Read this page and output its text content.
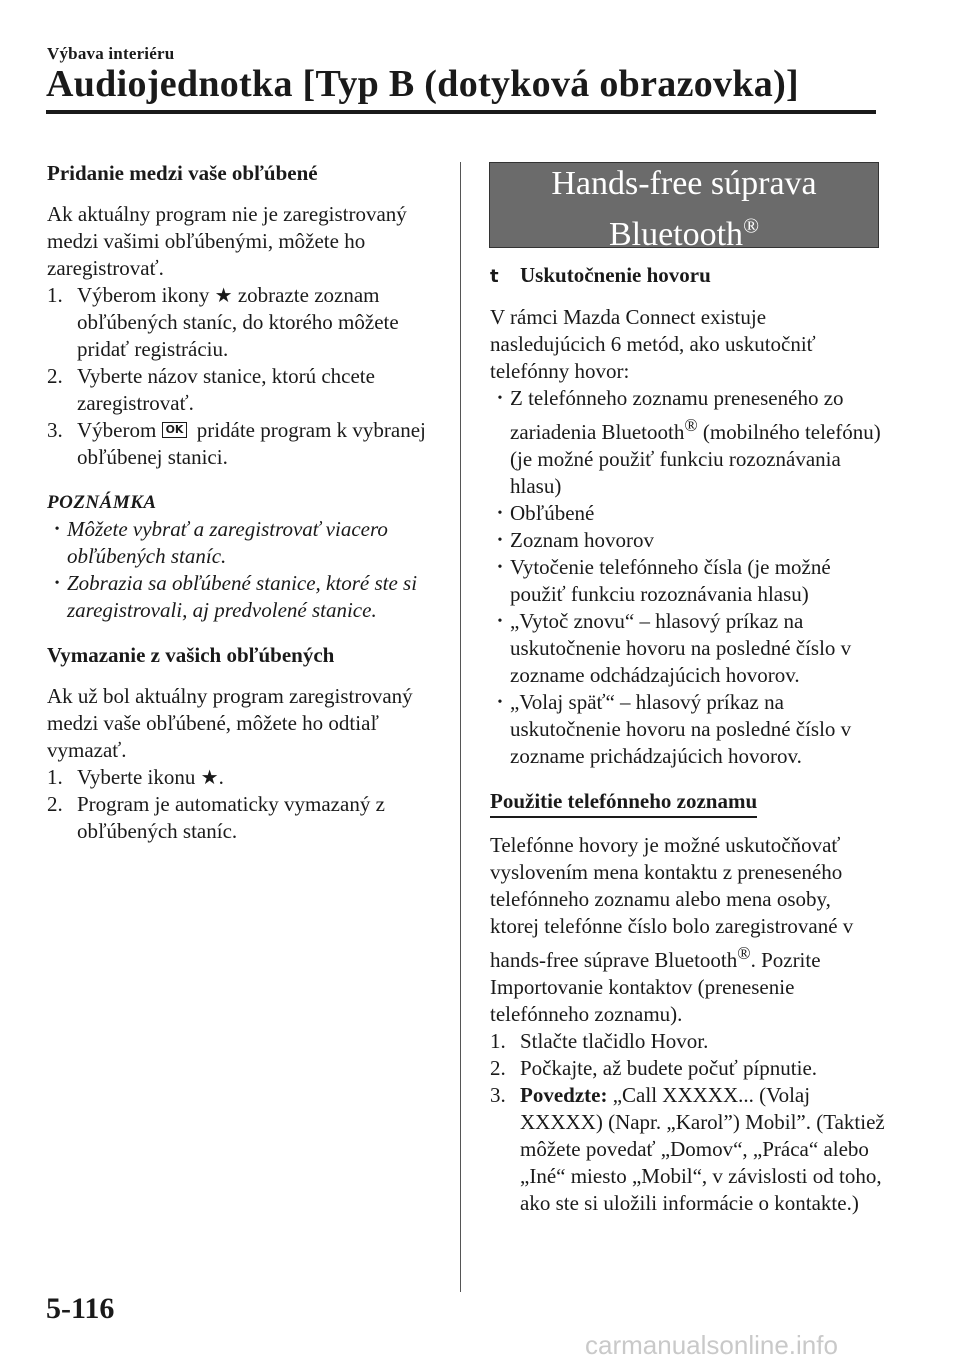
Výbava interiéru
Audiojednotka [Typ B (dotyková obrazovka)]

Pridanie medzi vaše obľúbené

Ak aktuálny program nie je zaregistrovaný medzi vašimi obľúbenými, môžete ho zaregistrovať.

1. Výberom ikony ★ zobrazte zoznam obľúbených staníc, do ktorého môžete pridať registráciu.
2. Vyberte názov stanice, ktorú chcete zaregistrovať.
3. Výberom OK pridáte program k vybranej obľúbenej stanici.

POZNÁMKA

• Môžete vybrať a zaregistrovať viacero obľúbených staníc.
• Zobrazia sa obľúbené stanice, ktoré ste si zaregistrovali, aj predvolené stanice.

Vymazanie z vašich obľúbených

Ak už bol aktuálny program zaregistrovaný medzi vaše obľúbené, môžete ho odtiaľ vymazať.

1. Vyberte ikonu ★.
2. Program je automaticky vymazaný z obľúbených staníc.
Hands-free súprava
Bluetooth®

t Uskutočnenie hovoru

V rámci Mazda Connect existuje nasledujúcich 6 metód, ako uskutočniť telefónny hovor:

• Z telefónneho zoznamu preneseného zo zariadenia Bluetooth® (mobilného telefónu) (je možné použiť funkciu rozoznávania hlasu)
• Obľúbené
• Zoznam hovorov
• Vytočenie telefónneho čísla (je možné použiť funkciu rozoznávania hlasu)
• „Vytoč znovu“ – hlasový príkaz na uskutočnenie hovoru na posledné číslo v zozname odchádzajúcich hovorov.
• „Volaj späť“ – hlasový príkaz na uskutočnenie hovoru na posledné číslo v zozname prichádzajúcich hovorov.

Použitie telefónneho zoznamu

Telefónne hovory je možné uskutočňovať vyslovením mena kontaktu z preneseného telefónneho zoznamu alebo mena osoby, ktorej telefónne číslo bolo zaregistrované v hands-free súprave Bluetooth®. Pozrite Importovanie kontaktov (prenesenie telefónneho zoznamu).

1. Stlačte tlačidlo Hovor.
2. Počkajte, až budete počuť pípnutie.
3. Povedzte: „Call XXXXX... (Volaj XXXXX) (Napr. „Karol”) Mobil”. (Taktiež môžete povedať „Domov“, „Práca“ alebo „Iné“ miesto „Mobil“, v závislosti od toho, ako ste si uložili informácie o kontakte.)
5-116
carmanualsonline.info
